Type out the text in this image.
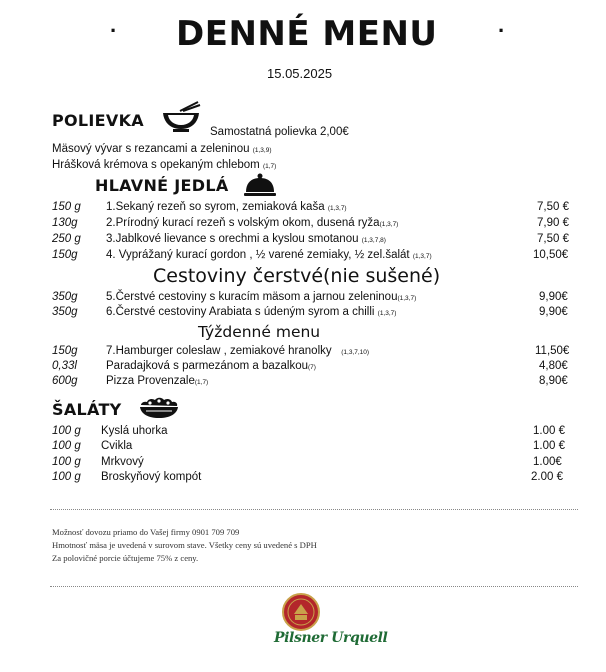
· DENNÉ MENU	·
15.05.2025
POLIEVKA
Samostatná polievka 2,00€
Mäsový vývar s rezancami a zeleninou (1,3,9)
Hrášková krémova s opekaným chlebom (1,7)
HLAVNÉ JEDLÁ
150 g 1.Sekaný rezeň so syrom, zemiaková kaša (1,3,7)	7,50 €
130g 2.Prírodný kurací rezeň s volským okom, dusená ryža(1,3,7)	7,90 €
250 g 3.Jablkové lievance s orechmi a kyslou smotanou (1,3,7,8)	7,50 €
150g 4. Vyprážaný kurací gordon , ½ varené zemiaky, ½ zel.šalát (1,3,7)	10,50€
Cestoviny čerstvé(nie sušené)
350g 5.Čerstvé cestoviny s kuracím mäsom a jarnou zeleninou(1,3,7)	9,90€
350g 6.Čerstvé cestoviny Arabiata s údeným syrom a chilli (1,3,7)	9,90€
Týždenné menu
150g 7.Hamburger coleslaw , zemiakové hranolky (1,3,7,10)	11,50€
0,33l	Paradajková s parmezánom a bazalkou(7)	4,80€
600g Pizza Provenzale(1,7)	8,90€
ŠALÁTY
100 g Kyslá uhorka	1.00 €
100 g Cvikla	1.00 €
100 g Mrkvový	1.00€
100 g Broskyňový kompót	2.00 €
Možnosť dovozu priamo do Vašej firmy 0901 709 709
Hmotnosť mäsa je uvedená v surovom stave. Všetky ceny sú uvedené s DPH
Za polovičné porcie účtujeme 75% z ceny.
Pilsner Urquell
